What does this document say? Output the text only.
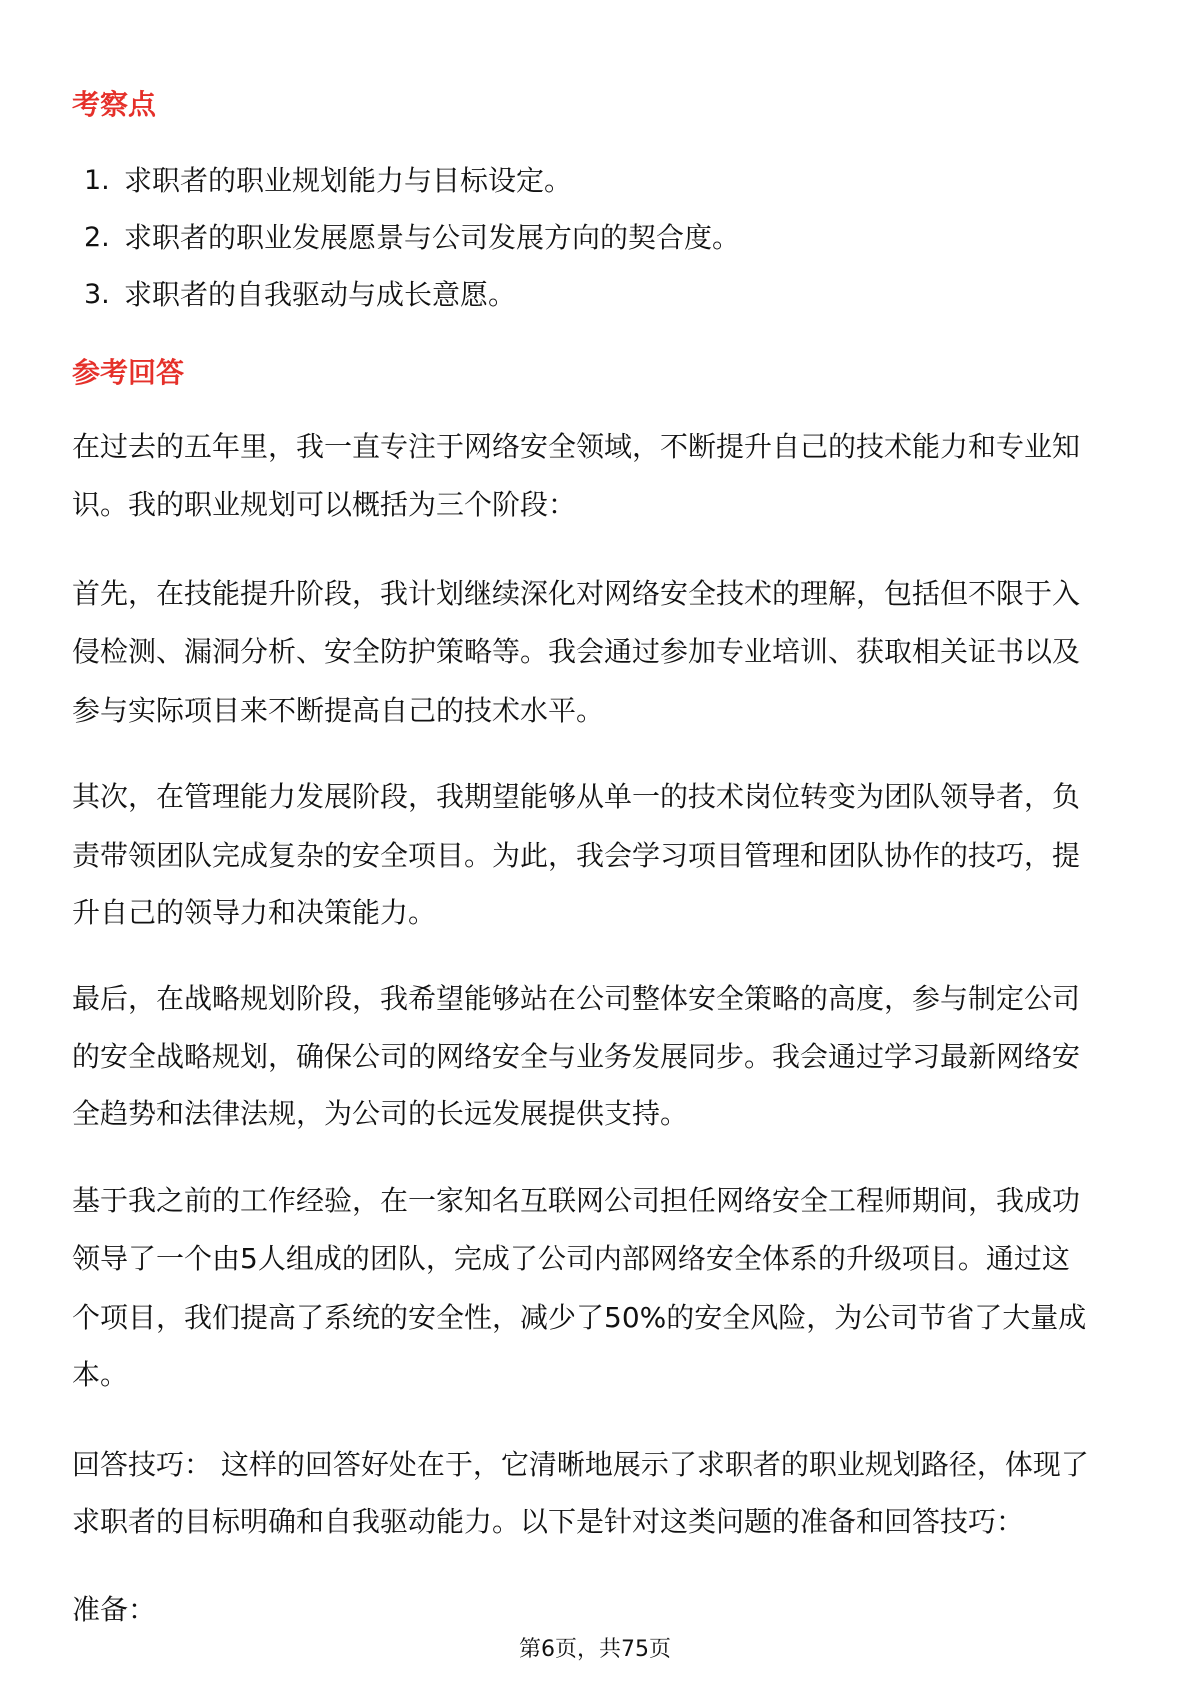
考察点
1. 求职者的职业规划能力与目标设定。
2. 求职者的职业发展愿景与公司发展方向的契合度。
3. 求职者的自我驱动与成长意愿。
参考回答
在过去的五年里，我一直专注于网络安全领域，不断提升自己的技术能力和专业知
识。我的职业规划可以概括为三个阶段：
首先，在技能提升阶段，我计划继续深化对网络安全技术的理解，包括但不限于入
侵检测、漏洞分析、安全防护策略等。我会通过参加专业培训、获取相关证书以及
参与实际项目来不断提高自己的技术水平。
其次，在管理能力发展阶段，我期望能够从单一的技术岗位转变为团队领导者，负
责带领团队完成复杂的安全项目。为此，我会学习项目管理和团队协作的技巧，提
升自己的领导力和决策能力。
最后，在战略规划阶段，我希望能够站在公司整体安全策略的高度，参与制定公司
的安全战略规划，确保公司的网络安全与业务发展同步。我会通过学习最新网络安
全趋势和法律法规，为公司的长远发展提供支持。
基于我之前的工作经验，在一家知名互联网公司担任网络安全工程师期间，我成功
领导了一个由5人组成的团队，完成了公司内部网络安全体系的升级项目。通过这
个项目，我们提高了系统的安全性，减少了50%的安全风险，为公司节省了大量成
本。
回答技巧： 这样的回答好处在于，它清晰地展示了求职者的职业规划路径，体现了
求职者的目标明确和自我驱动能力。以下是针对这类问题的准备和回答技巧：
准备：
第6页，共75页
